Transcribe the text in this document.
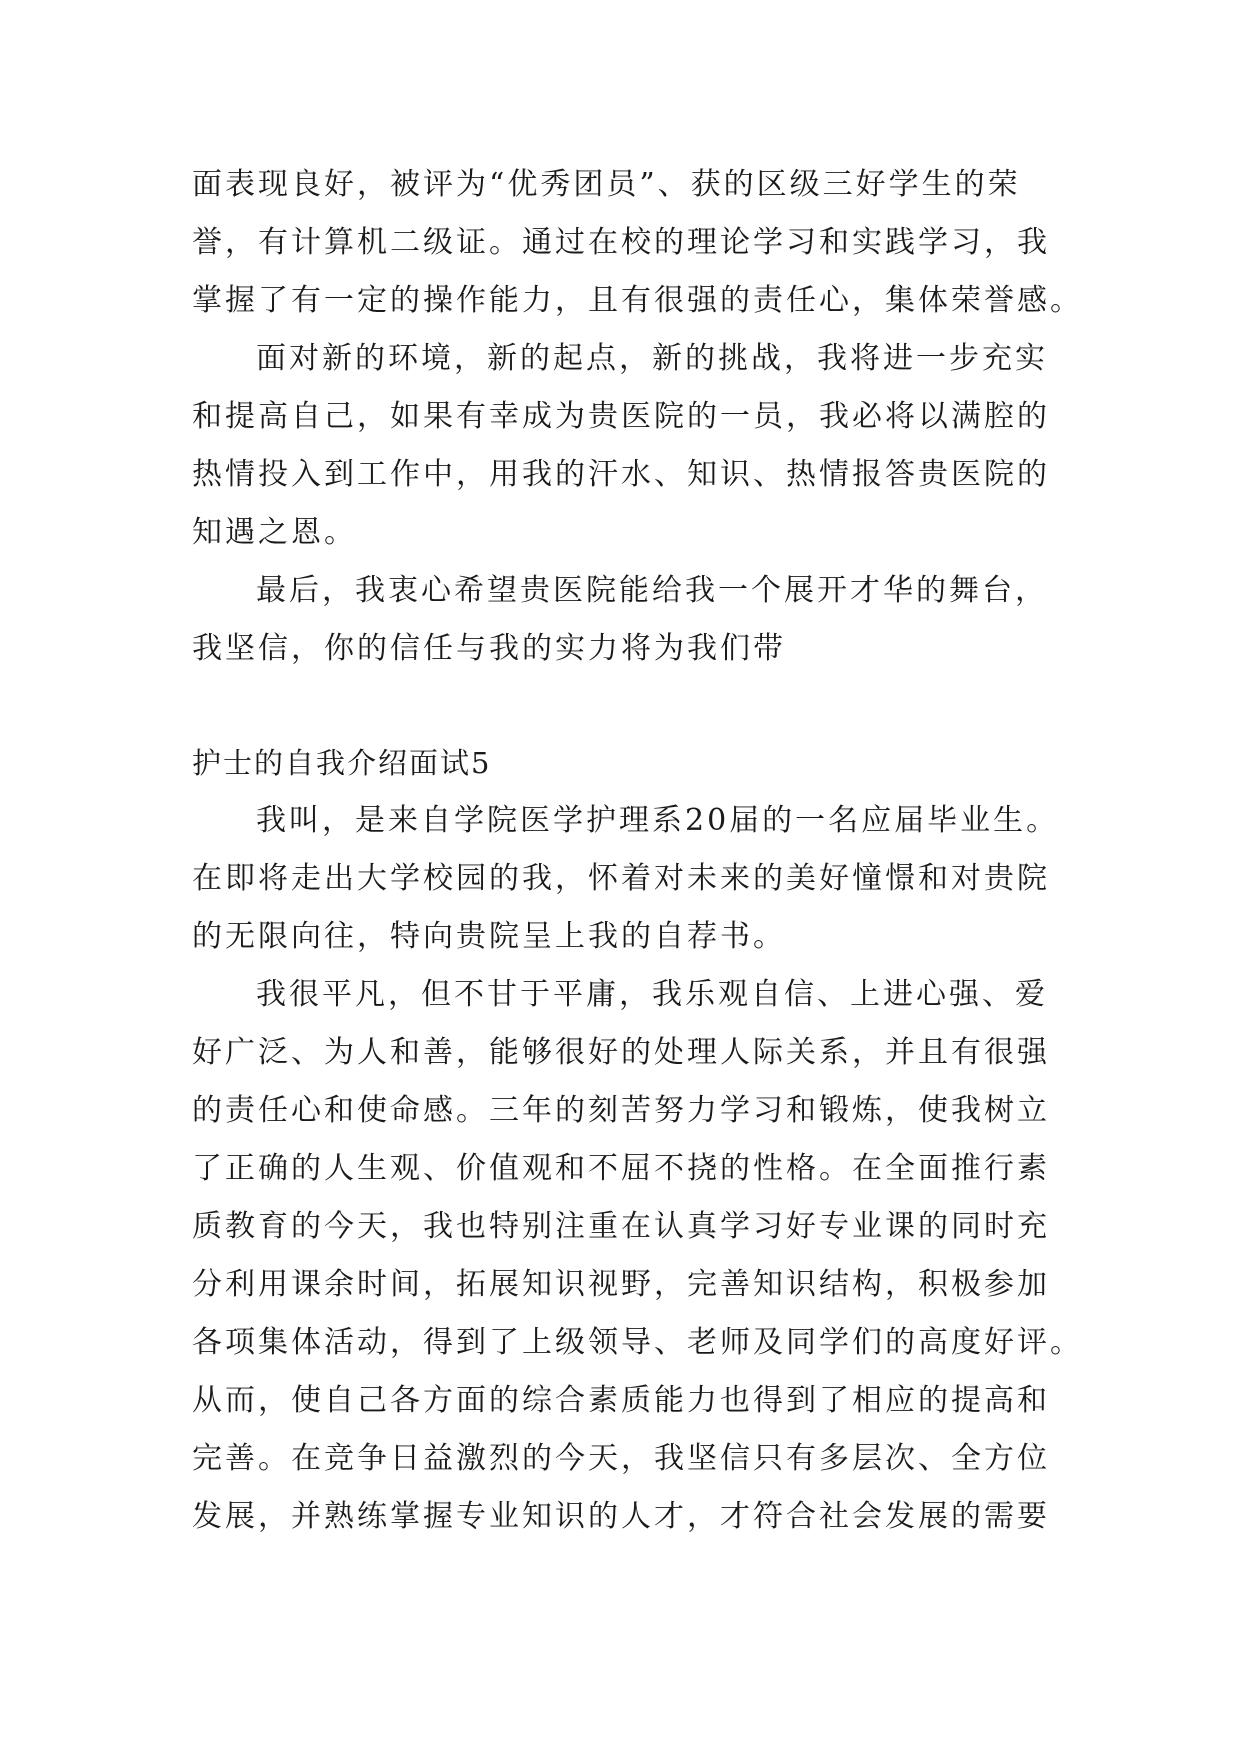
面表现良好，被评为“优秀团员”、获的区级三好学生的荣
誉，有计算机二级证。通过在校的理论学习和实践学习，我
掌握了有一定的操作能力，且有很强的责任心，集体荣誉感。
面对新的环境，新的起点，新的挑战，我将进一步充实
和提高自己，如果有幸成为贵医院的一员，我必将以满腔的
热情投入到工作中，用我的汗水、知识、热情报答贵医院的
知遇之恩。
最后，我衷心希望贵医院能给我一个展开才华的舞台，
我坚信，你的信任与我的实力将为我们带
护士的自我介绍面试5
我叫，是来自学院医学护理系20届的一名应届毕业生。
在即将走出大学校园的我，怀着对未来的美好憧憬和对贵院
的无限向往，特向贵院呈上我的自荐书。
我很平凡，但不甘于平庸，我乐观自信、上进心强、爱
好广泛、为人和善，能够很好的处理人际关系，并且有很强
的责任心和使命感。三年的刻苦努力学习和锻炼，使我树立
了正确的人生观、价值观和不屈不挠的性格。在全面推行素
质教育的今天，我也特别注重在认真学习好专业课的同时充
分利用课余时间，拓展知识视野，完善知识结构，积极参加
各项集体活动，得到了上级领导、老师及同学们的高度好评。
从而，使自己各方面的综合素质能力也得到了相应的提高和
完善。在竞争日益激烈的今天，我坚信只有多层次、全方位
发展，并熟练掌握专业知识的人才，才符合社会发展的需要
